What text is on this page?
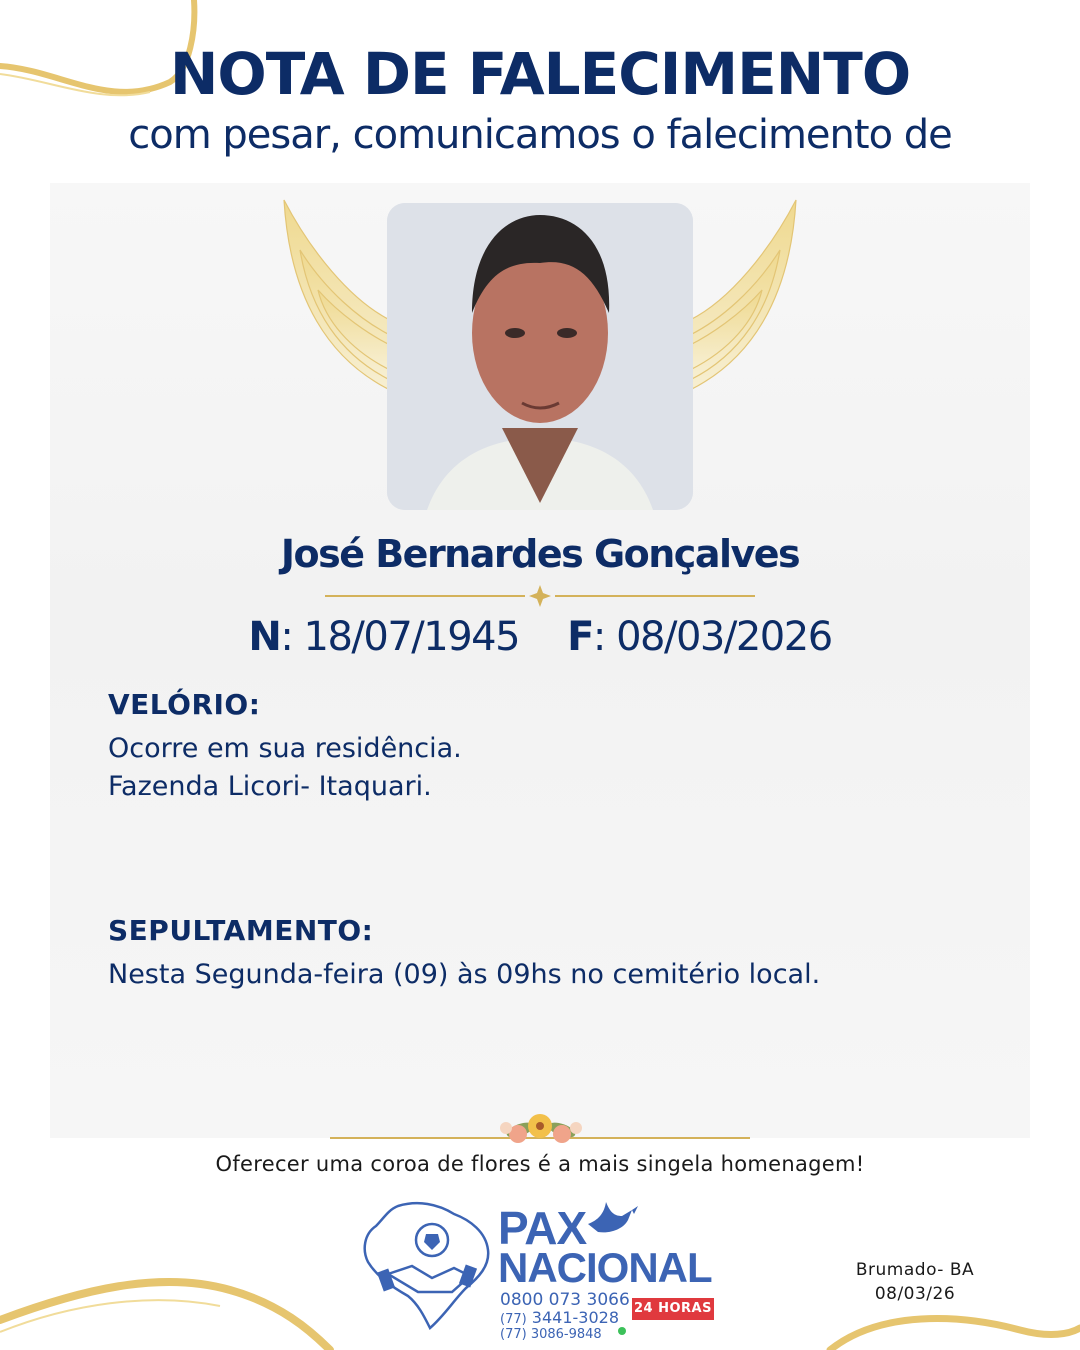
NOTA DE FALECIMENTO
com pesar, comunicamos o falecimento de
José Bernardes Gonçalves
N: 18/07/1945 F: 08/03/2026
VELÓRIO:
Ocorre em sua residência.
Fazenda Licori- Itaquari.
SEPULTAMENTO:
Nesta Segunda-feira (09) às 09hs no cemitério local.
Oferecer uma coroa de flores é a mais singela homenagem!
PAX
NACIONAL
0800 073 3066
(77) 3441-3028
(77) 3086-9848
24 HORAS
Brumado- BA
08/03/26
